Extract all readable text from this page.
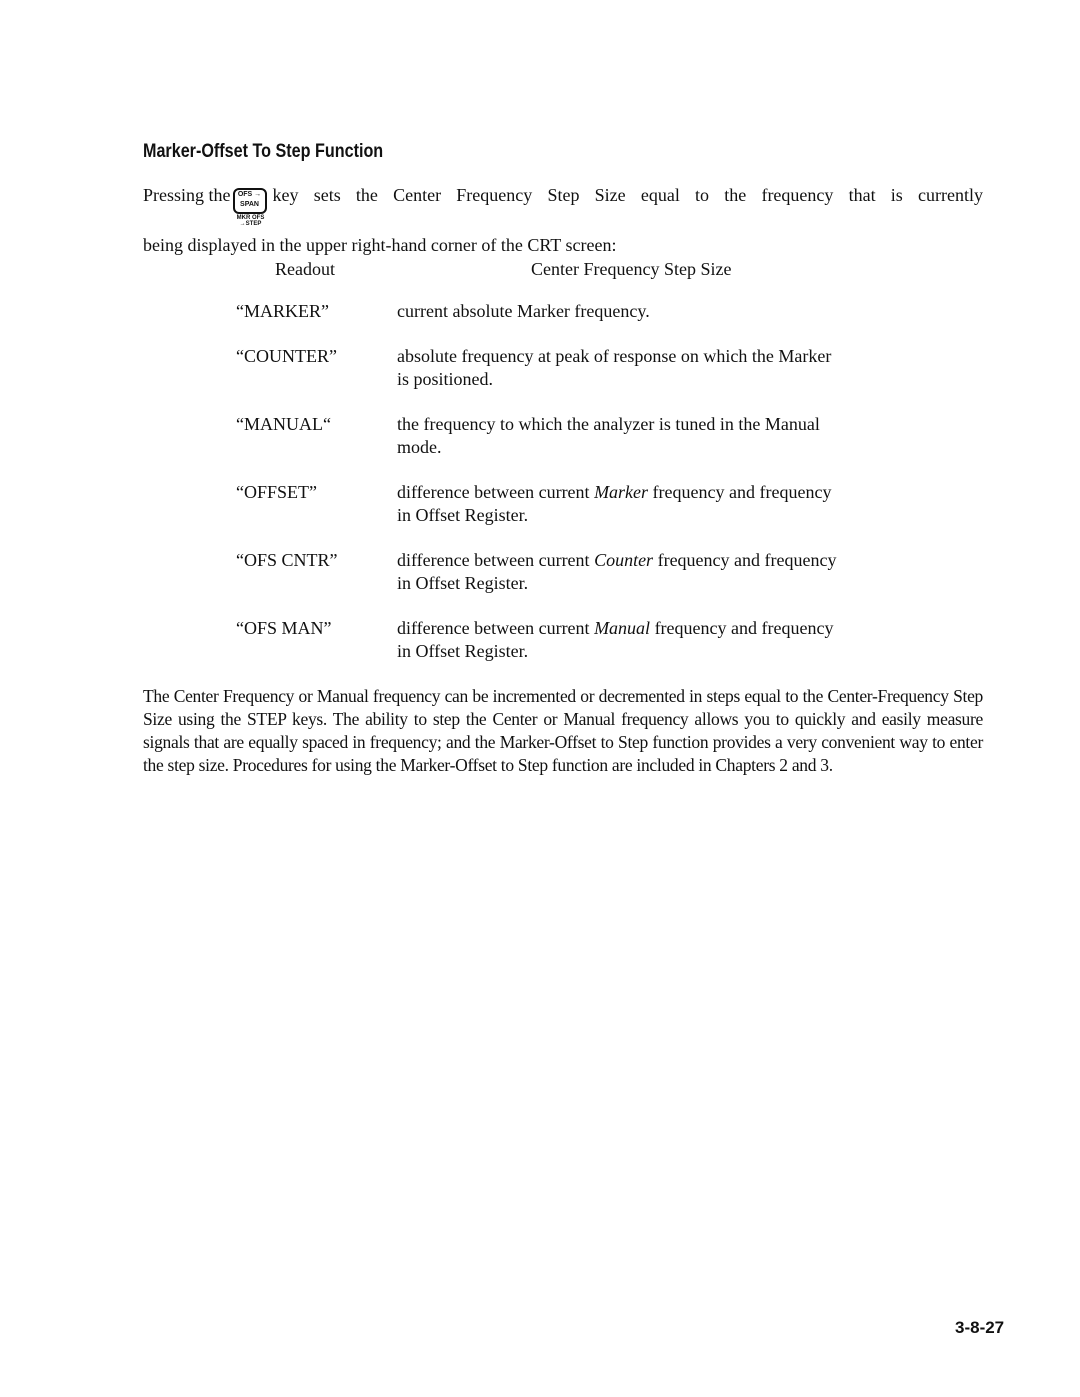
Marker-Offset To Step Function
Pressing the OFS →
SPAN
MKR OFS
→STEP
key sets the Center Frequency Step Size equal to the frequency that is currently
being displayed in the upper right-hand corner of the CRT screen:
Readout	Center Frequency Step Size
“MARKER”	current absolute Marker frequency.
“COUNTER”	absolute frequency at peak of response on which the Marker is positioned.
“MANUAL“	the frequency to which the analyzer is tuned in the Manual mode.
“OFFSET”	difference between current Marker frequency and frequency in Offset Register.
“OFS CNTR”	difference between current Counter frequency and frequency in Offset Register.
“OFS MAN”	difference between current Manual frequency and frequency in Offset Register.
The Center Frequency or Manual frequency can be incremented or decremented in steps equal to the Center-Frequency Step Size using the STEP keys. The ability to step the Center or Manual frequency allows you to quickly and easily measure signals that are equally spaced in frequency; and the Marker-Offset to Step function provides a very convenient way to enter the step size. Procedures for using the Marker-Offset to Step function are included in Chapters 2 and 3.
3-8-27
